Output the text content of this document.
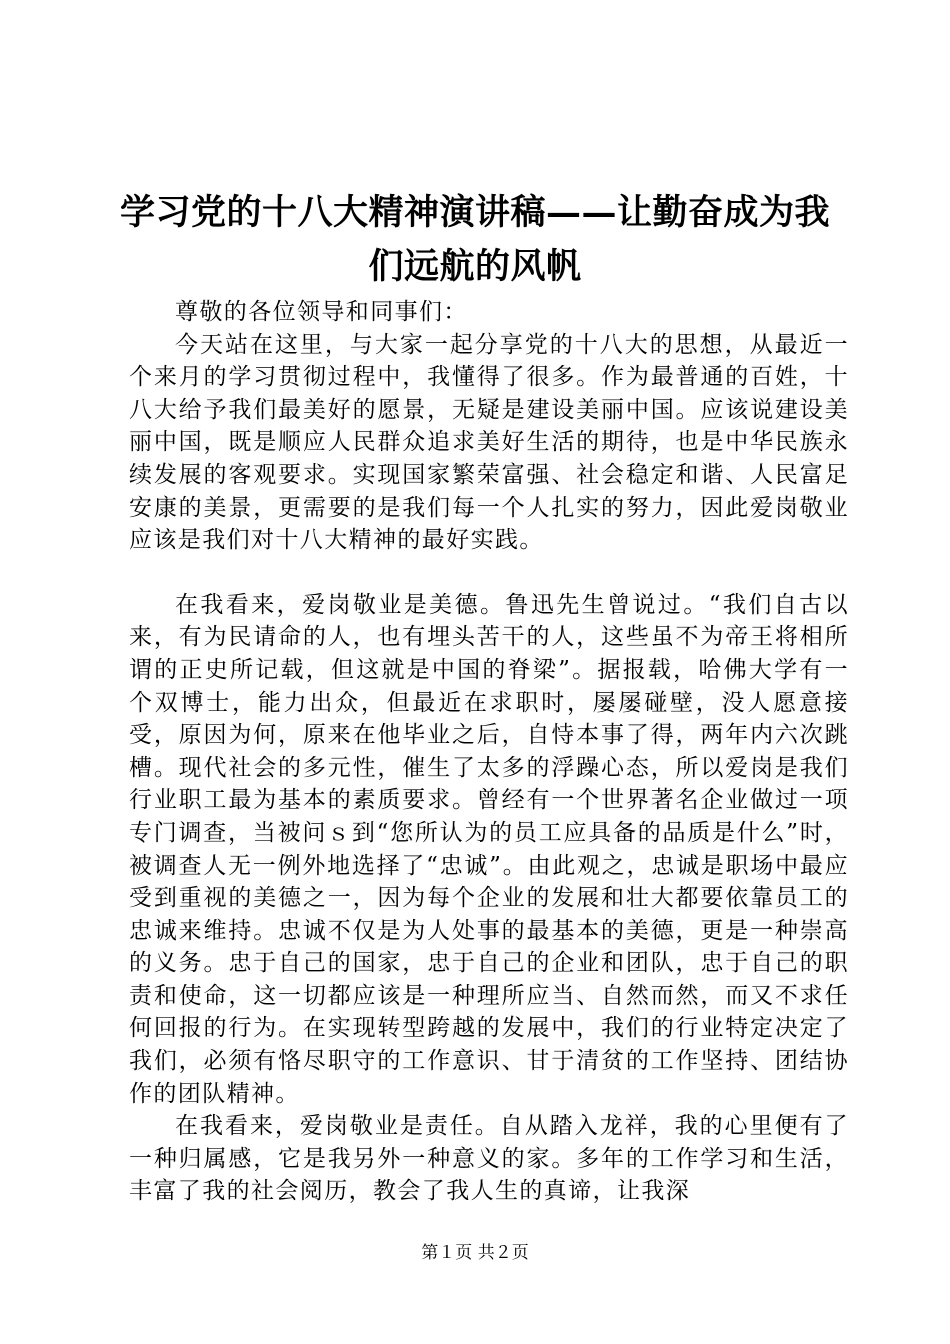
学习党的十八大精神演讲稿——让勤奋成为我
们远航的风帆

尊敬的各位领导和同事们：

今天站在这里，与大家一起分享党的十八大的思想，从最近一个来月的学习贯彻过程中，我懂得了很多。作为最普通的百姓，十八大给予我们最美好的愿景，无疑是建设美丽中国。应该说建设美丽中国，既是顺应人民群众追求美好生活的期待，也是中华民族永续发展的客观要求。实现国家繁荣富强、社会稳定和谐、人民富足安康的美景，更需要的是我们每一个人扎实的努力，因此爱岗敬业应该是我们对十八大精神的最好实践。

在我看来，爱岗敬业是美德。鲁迅先生曾说过。“我们自古以来，有为民请命的人，也有埋头苦干的人，这些虽不为帝王将相所谓的正史所记载，但这就是中国的脊梁”。据报载，哈佛大学有一个双博士，能力出众，但最近在求职时，屡屡碰壁，没人愿意接受，原因为何，原来在他毕业之后，自恃本事了得，两年内六次跳槽。现代社会的多元性，催生了太多的浮躁心态，所以爱岗是我们行业职工最为基本的素质要求。曾经有一个世界著名企业做过一项专门调查，当被问ｓ到“您所认为的员工应具备的品质是什么”时，被调查人无一例外地选择了“忠诚”。由此观之，忠诚是职场中最应受到重视的美德之一，因为每个企业的发展和壮大都要依靠员工的忠诚来维持。忠诚不仅是为人处事的最基本的美德，更是一种崇高的义务。忠于自己的国家，忠于自己的企业和团队，忠于自己的职责和使命，这一切都应该是一种理所应当、自然而然，而又不求任何回报的行为。在实现转型跨越的发展中，我们的行业特定决定了我们，必须有恪尽职守的工作意识、甘于清贫的工作坚持、团结协作的团队精神。

在我看来，爱岗敬业是责任。自从踏入龙祥，我的心里便有了一种归属感，它是我另外一种意义的家。多年的工作学习和生活，丰富了我的社会阅历，教会了我人生的真谛，让我深

第１页 共２页
